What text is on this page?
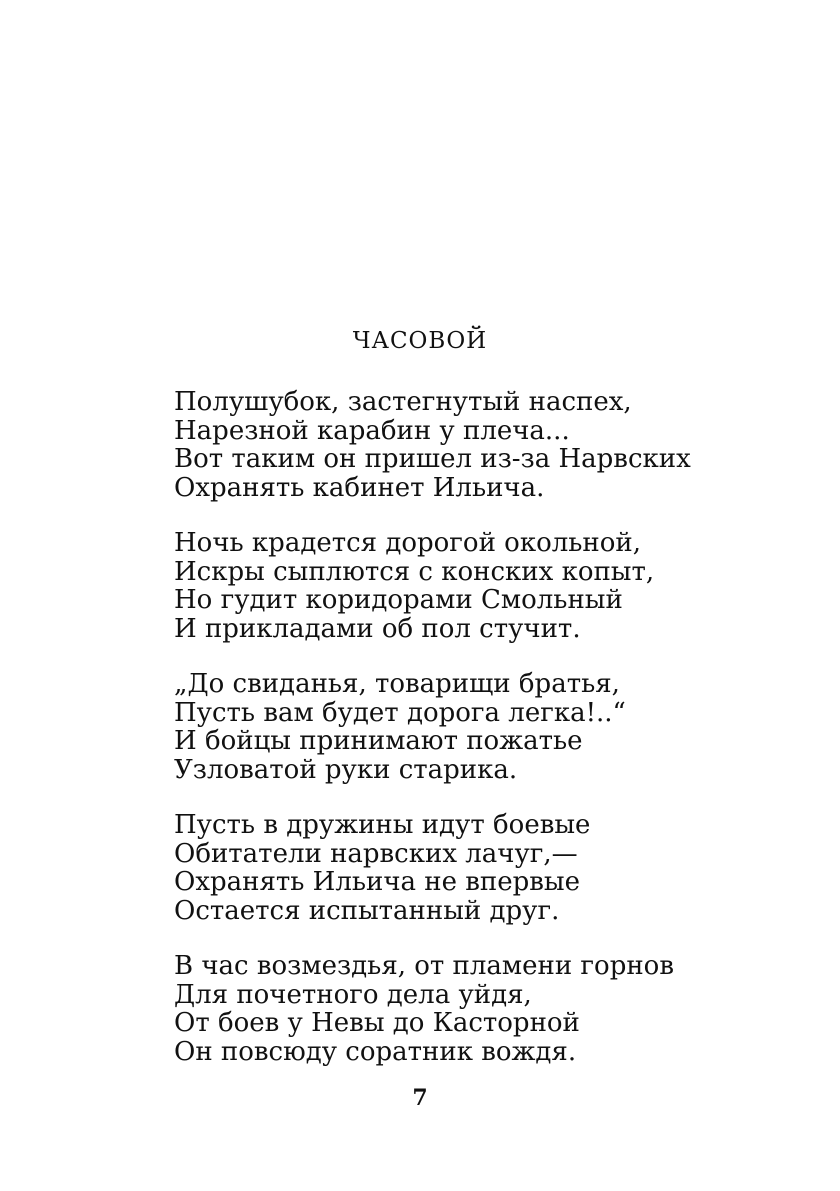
ЧАСОВОЙ
Полушубок, застегнутый наспех,
Нарезной карабин у плеча...
Вот таким он пришел из-за Нарвских
Охранять кабинет Ильича.
Ночь крадется дорогой окольной,
Искры сыплются с конских копыт,
Но гудит коридорами Смольный
И прикладами об пол стучит.
„До свиданья, товарищи братья,
Пусть вам будет дорога легка!..“
И бойцы принимают пожатье
Узловатой руки старика.
Пусть в дружины идут боевые
Обитатели нарвских лачуг,—
Охранять Ильича не впервые
Остается испытанный друг.
В час возмездья, от пламени горнов
Для почетного дела уйдя,
От боев у Невы до Касторной
Он повсюду соратник вождя.
7
